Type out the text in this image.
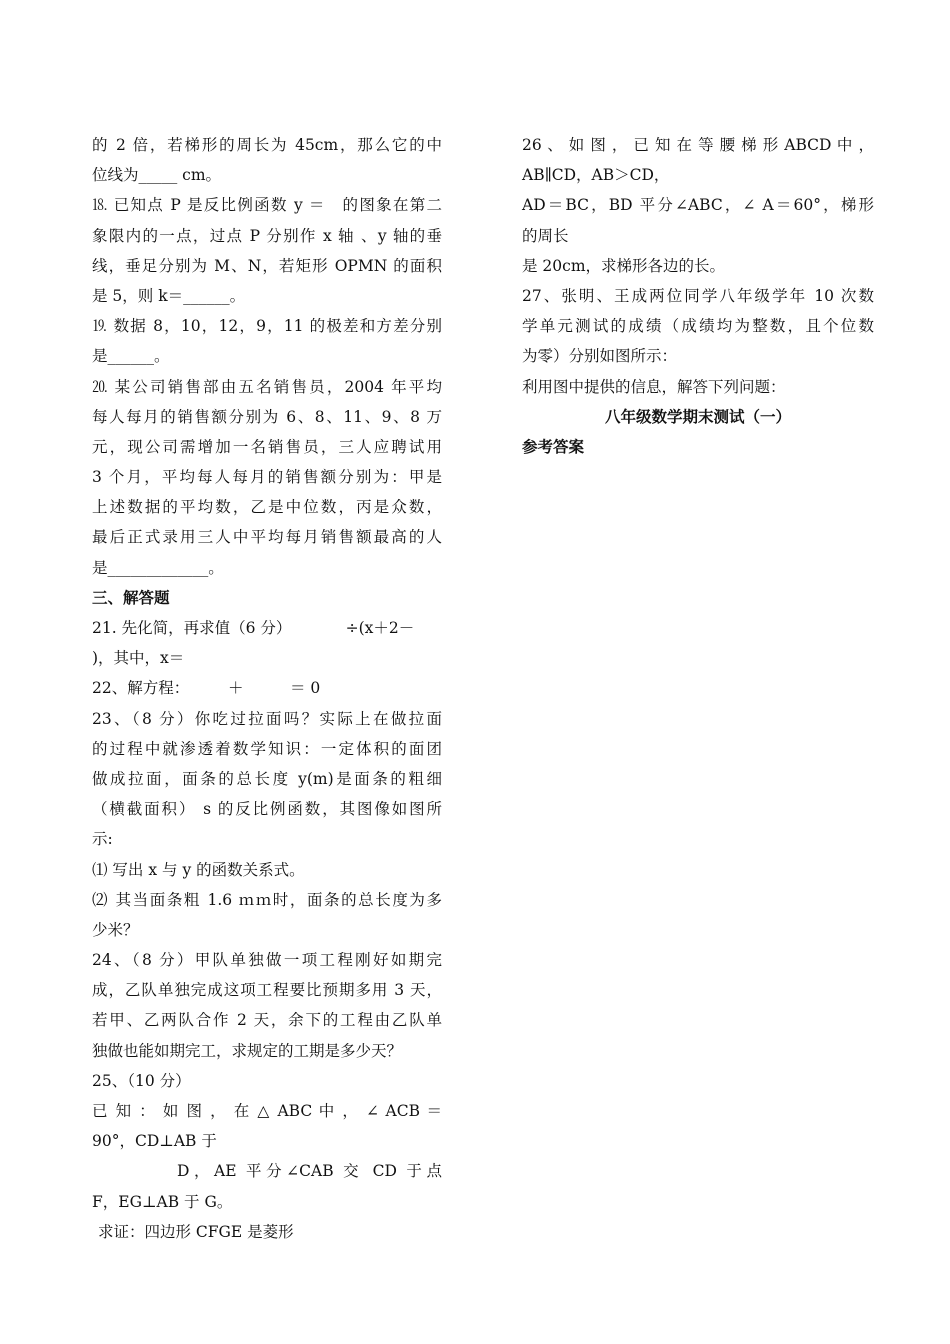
的 2 倍，若梯形的周长为 45cm，那么它的中
位线为_____ cm。
⒙ 已知点 P 是反比例函数 y ＝　的图象在第二
象限内的一点，过点 P 分别作 x 轴 、y 轴的垂
线，垂足分别为 M、N，若矩形 OPMN 的面积
是 5，则 k＝______。
⒚ 数据 8，10，12，9，11 的极差和方差分别
是______。
⒛ 某公司销售部由五名销售员，2004 年平均
每人每月的销售额分别为 6、8、11、9、8 万
元，现公司需增加一名销售员，三人应聘试用
3 个月，平均每人每月的销售额分别为：甲是
上述数据的平均数，乙是中位数，丙是众数，
最后正式录用三人中平均每月销售额最高的人
是_____________。
三、解答题
21. 先化简，再求值（6 分）　　　　÷(x＋2－
)，其中，x＝
22、解方程：　　　＋　　　＝ 0
23、（8 分）你吃过拉面吗？实际上在做拉面
的过程中就渗透着数学知识：一定体积的面团
做成拉面，面条的总长度 y(m)是面条的粗细
（横截面积） s 的反比例函数，其图像如图所
示:
⑴ 写出 x 与 y 的函数关系式。
⑵ 其当面条粗 1.6 ｍｍ时，面条的总长度为多
少米？
24、（8 分）甲队单独做一项工程刚好如期完
成，乙队单独完成这项工程要比预期多用 3 天，
若甲、乙两队合作 2 天，余下的工程由乙队单
独做也能如期完工，求规定的工期是多少天？
25、（10 分）
已 知 ： 如 图 ， 在 △ ABC 中 ， ∠ ACB ＝
90°，CD⊥AB 于
D，AE 平分∠CAB 交 CD 于点
F，EG⊥AB 于 G。
求证：四边形 CFGE 是菱形
26 、 如 图 ， 已 知 在 等 腰 梯 形 ABCD 中 ，
AB∥CD，AB＞CD，
AD＝BC，BD 平分∠ABC，∠ A＝60°，梯形
的周长
是 20cm，求梯形各边的长。
27、张明、王成两位同学八年级学年 10 次数
学单元测试的成绩（成绩均为整数，且个位数
为零）分别如图所示：
利用图中提供的信息，解答下列问题：
八年级数学期末测试（一）
参考答案
